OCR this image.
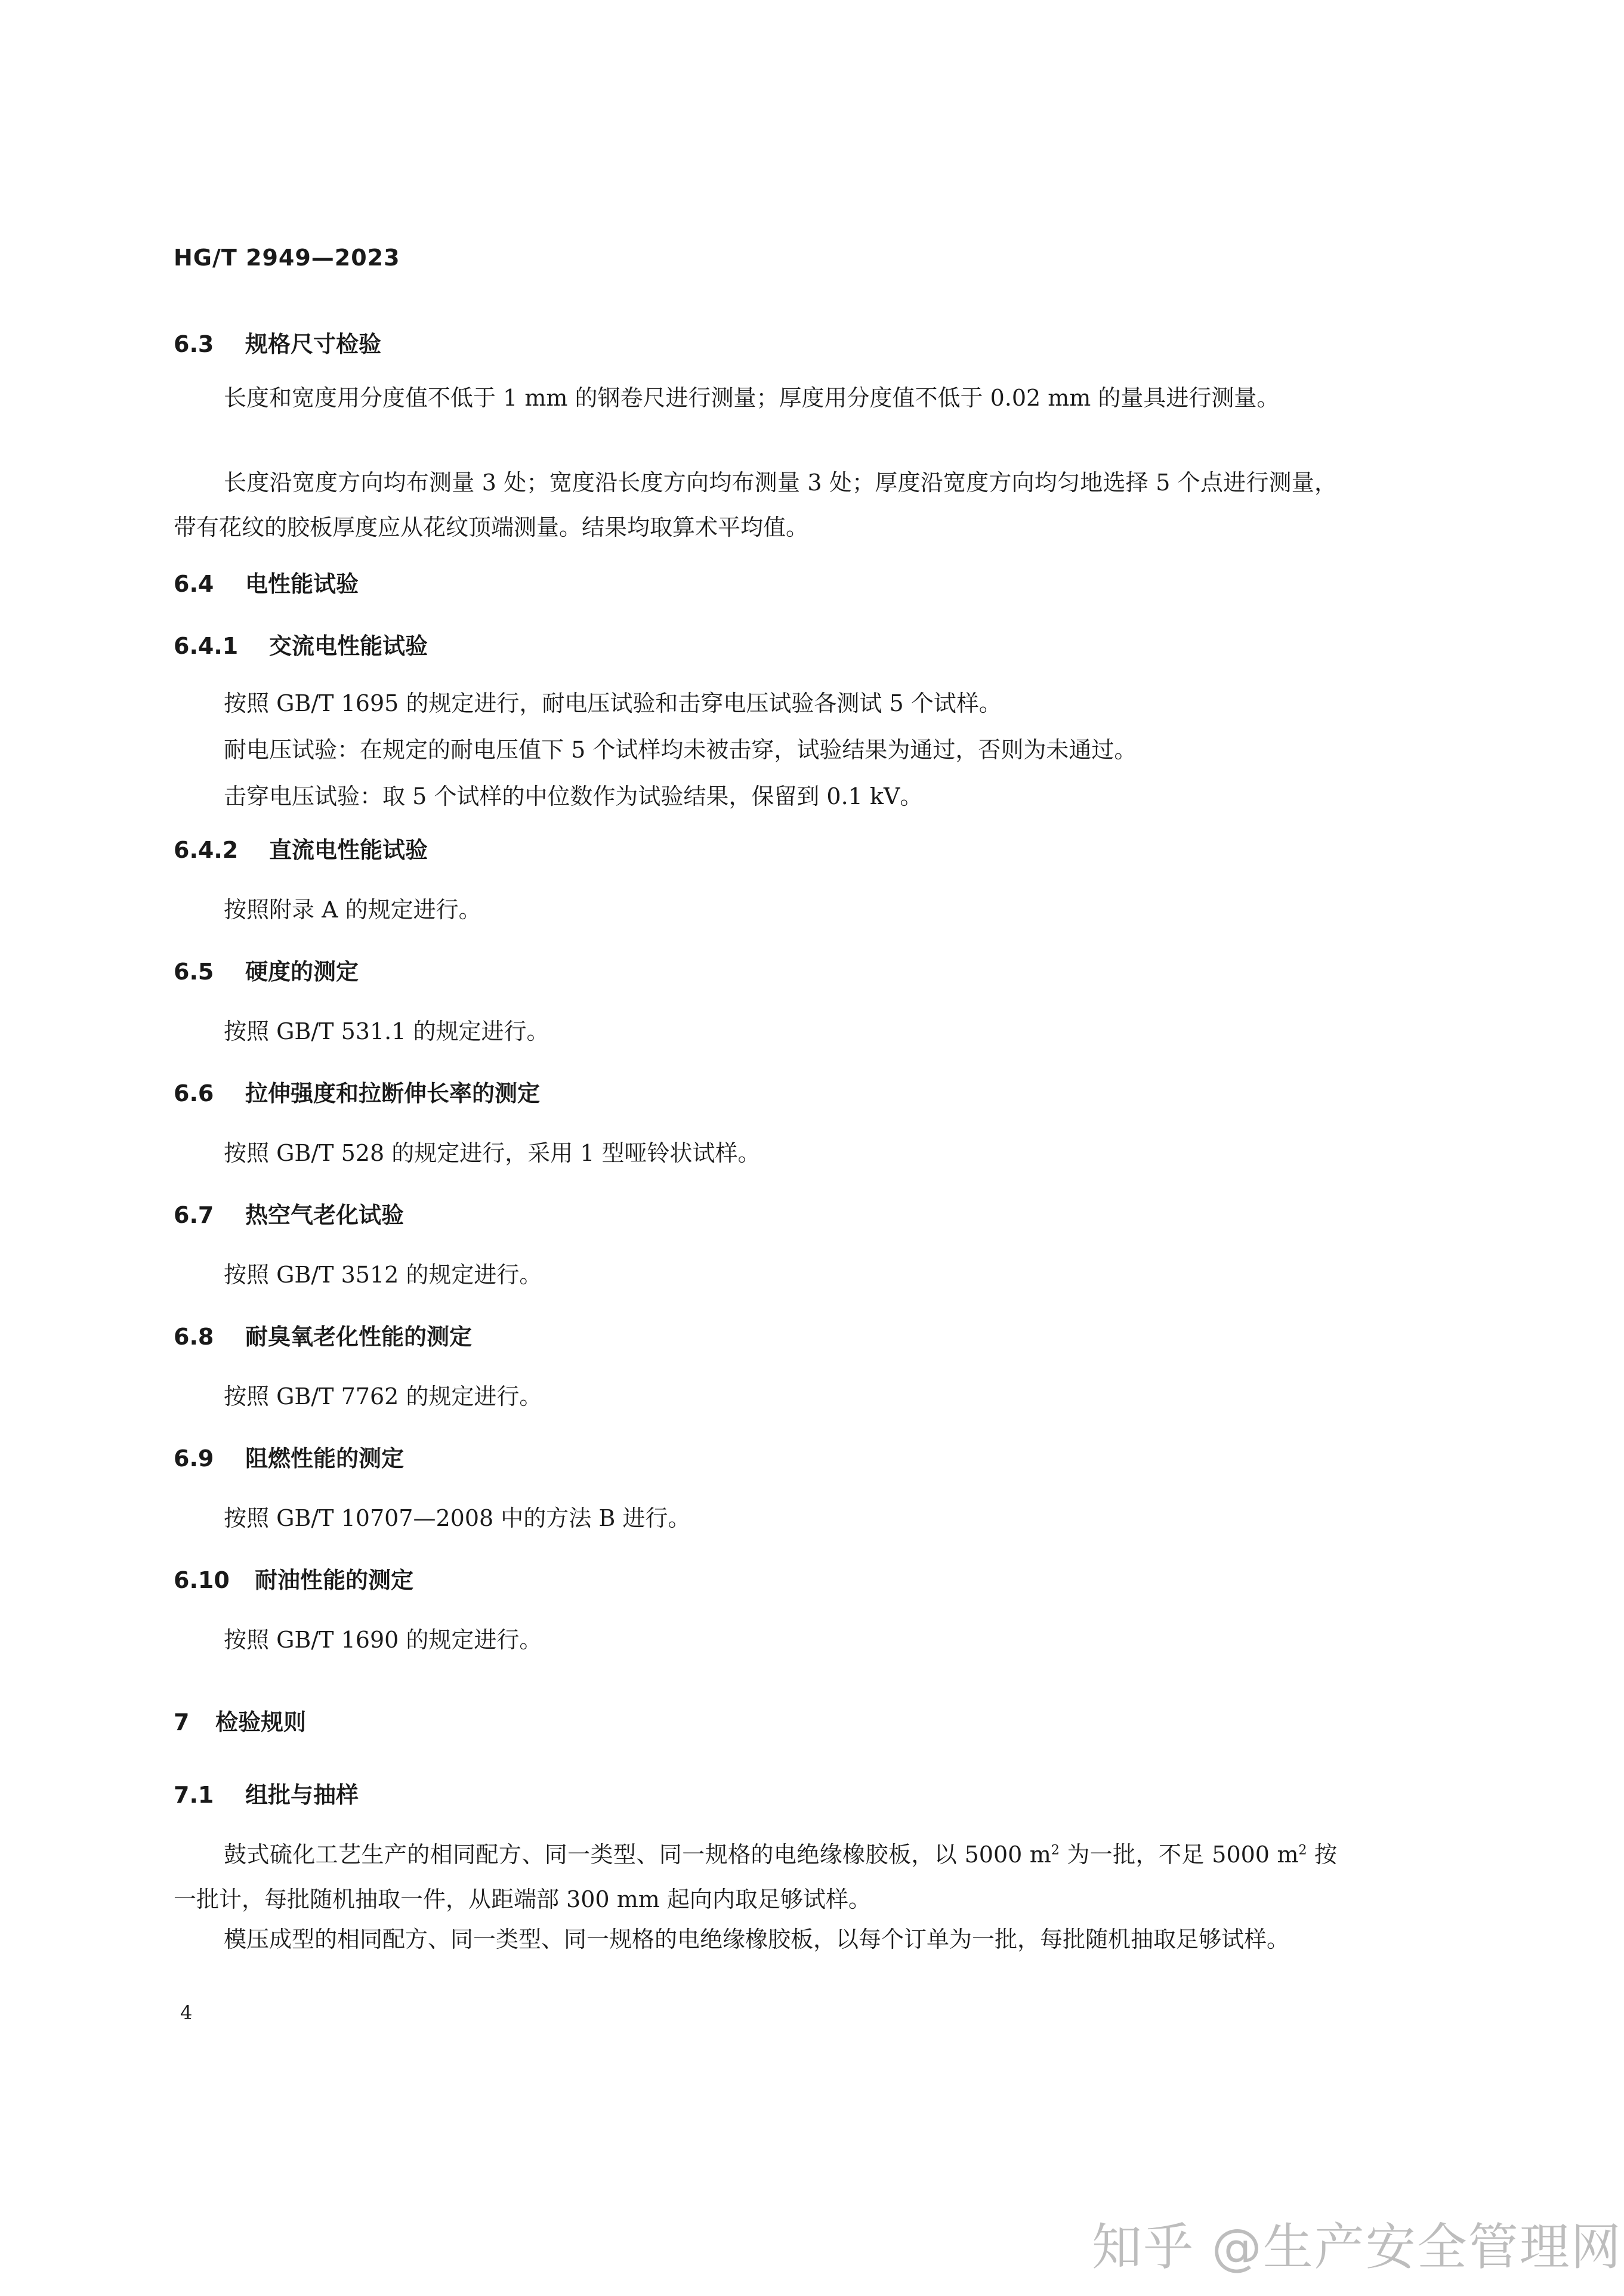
HG/T 2949—2023
6.3 规格尺寸检验

长度和宽度用分度值不低于 1 mm 的钢卷尺进行测量；厚度用分度值不低于 0.02 mm 的量具进行测量。

长度沿宽度方向均布测量 3 处；宽度沿长度方向均布测量 3 处；厚度沿宽度方向均匀地选择 5 个点进行测量，带有花纹的胶板厚度应从花纹顶端测量。结果均取算术平均值。

6.4 电性能试验
6.4.1 交流电性能试验

按照 GB/T 1695 的规定进行，耐电压试验和击穿电压试验各测试 5 个试样。

耐电压试验：在规定的耐电压值下 5 个试样均未被击穿，试验结果为通过，否则为未通过。

击穿电压试验：取 5 个试样的中位数作为试验结果，保留到 0.1 kV。

6.4.2 直流电性能试验

按照附录 A 的规定进行。

6.5 硬度的测定

按照 GB/T 531.1 的规定进行。

6.6 拉伸强度和拉断伸长率的测定

按照 GB/T 528 的规定进行，采用 1 型哑铃状试样。

6.7 热空气老化试验

按照 GB/T 3512 的规定进行。

6.8 耐臭氧老化性能的测定

按照 GB/T 7762 的规定进行。

6.9 阻燃性能的测定

按照 GB/T 10707—2008 中的方法 B 进行。

6.10 耐油性能的测定

按照 GB/T 1690 的规定进行。

7 检验规则
7.1 组批与抽样

鼓式硫化工艺生产的相同配方、同一类型、同一规格的电绝缘橡胶板，以 5000 $m^2$ 为一批，不足 5000 $m^2$ 按一批计，每批随机抽取一件，从距端部 300 mm 起向内取足够试样。

模压成型的相同配方、同一类型、同一规格的电绝缘橡胶板，以每个订单为一批，每批随机抽取足够试样。

4
知乎 @生产安全管理网
